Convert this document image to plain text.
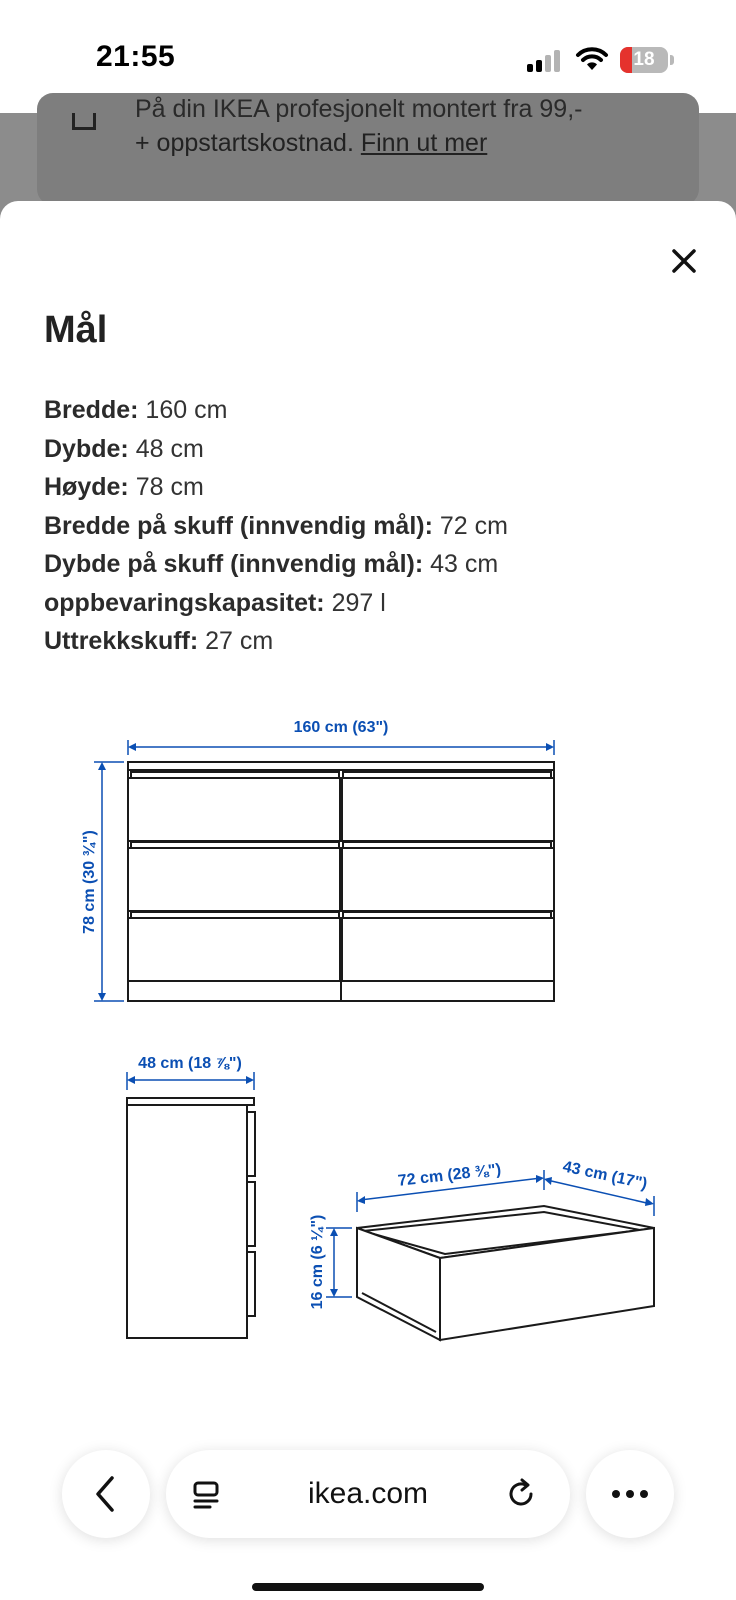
21:55	18
På din IKEA profesjonelt montert fra 99,-
+ oppstartskostnad. Finn ut mer
Mål
Bredde: 160 cm
Dybde: 48 cm
Høyde: 78 cm
Bredde på skuff (innvendig mål): 72 cm
Dybde på skuff (innvendig mål): 43 cm
oppbevaringskapasitet: 297 l
Uttrekkskuff: 27 cm
160 cm (63")
78 cm (30 ¾")
48 cm (18 ⅞")
72 cm (28 ⅜")	43 cm (17")
16 cm (6 ¼")
ikea.com
